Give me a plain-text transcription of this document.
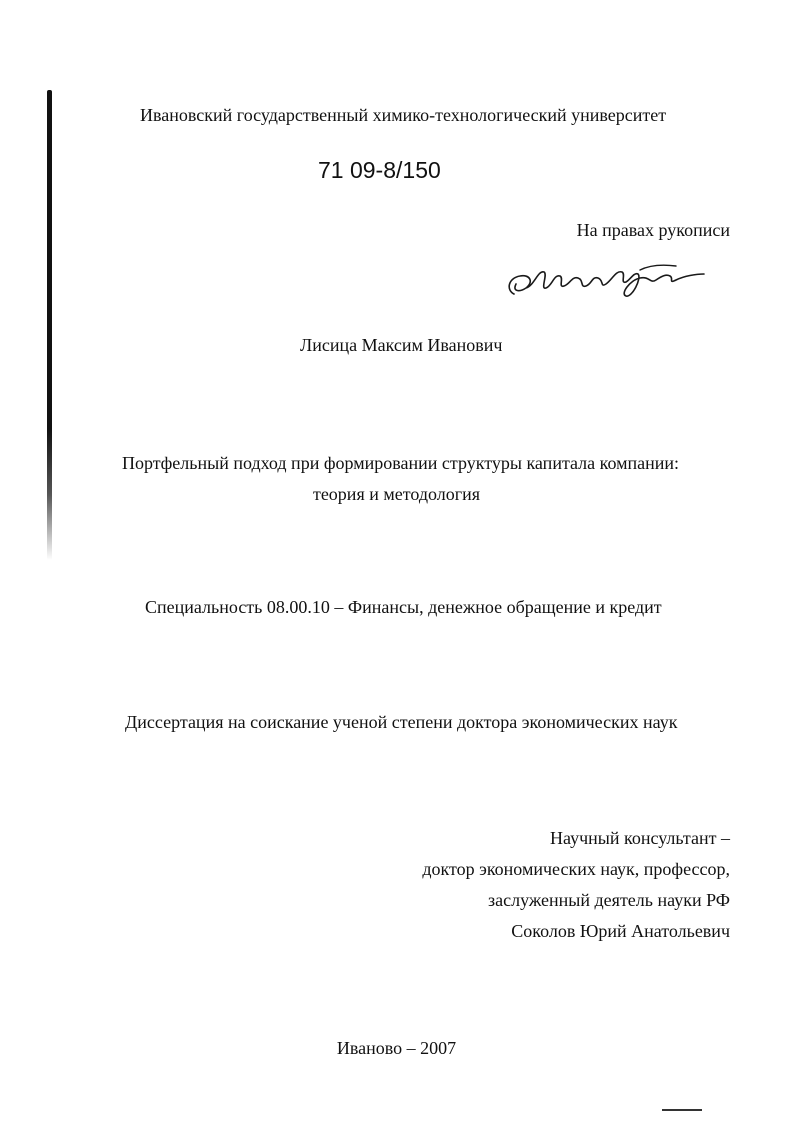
Ивановский государственный химико-технологический университет
71 09-8/150
На правах рукописи
Лисица Максим Иванович
Портфельный подход при формировании структуры капитала компании:
теория и методология
Специальность 08.00.10 – Финансы, денежное обращение и кредит
Диссертация на соискание ученой степени доктора экономических наук
Научный консультант –
доктор экономических наук, профессор,
заслуженный деятель науки РФ
Соколов Юрий Анатольевич
Иваново – 2007
